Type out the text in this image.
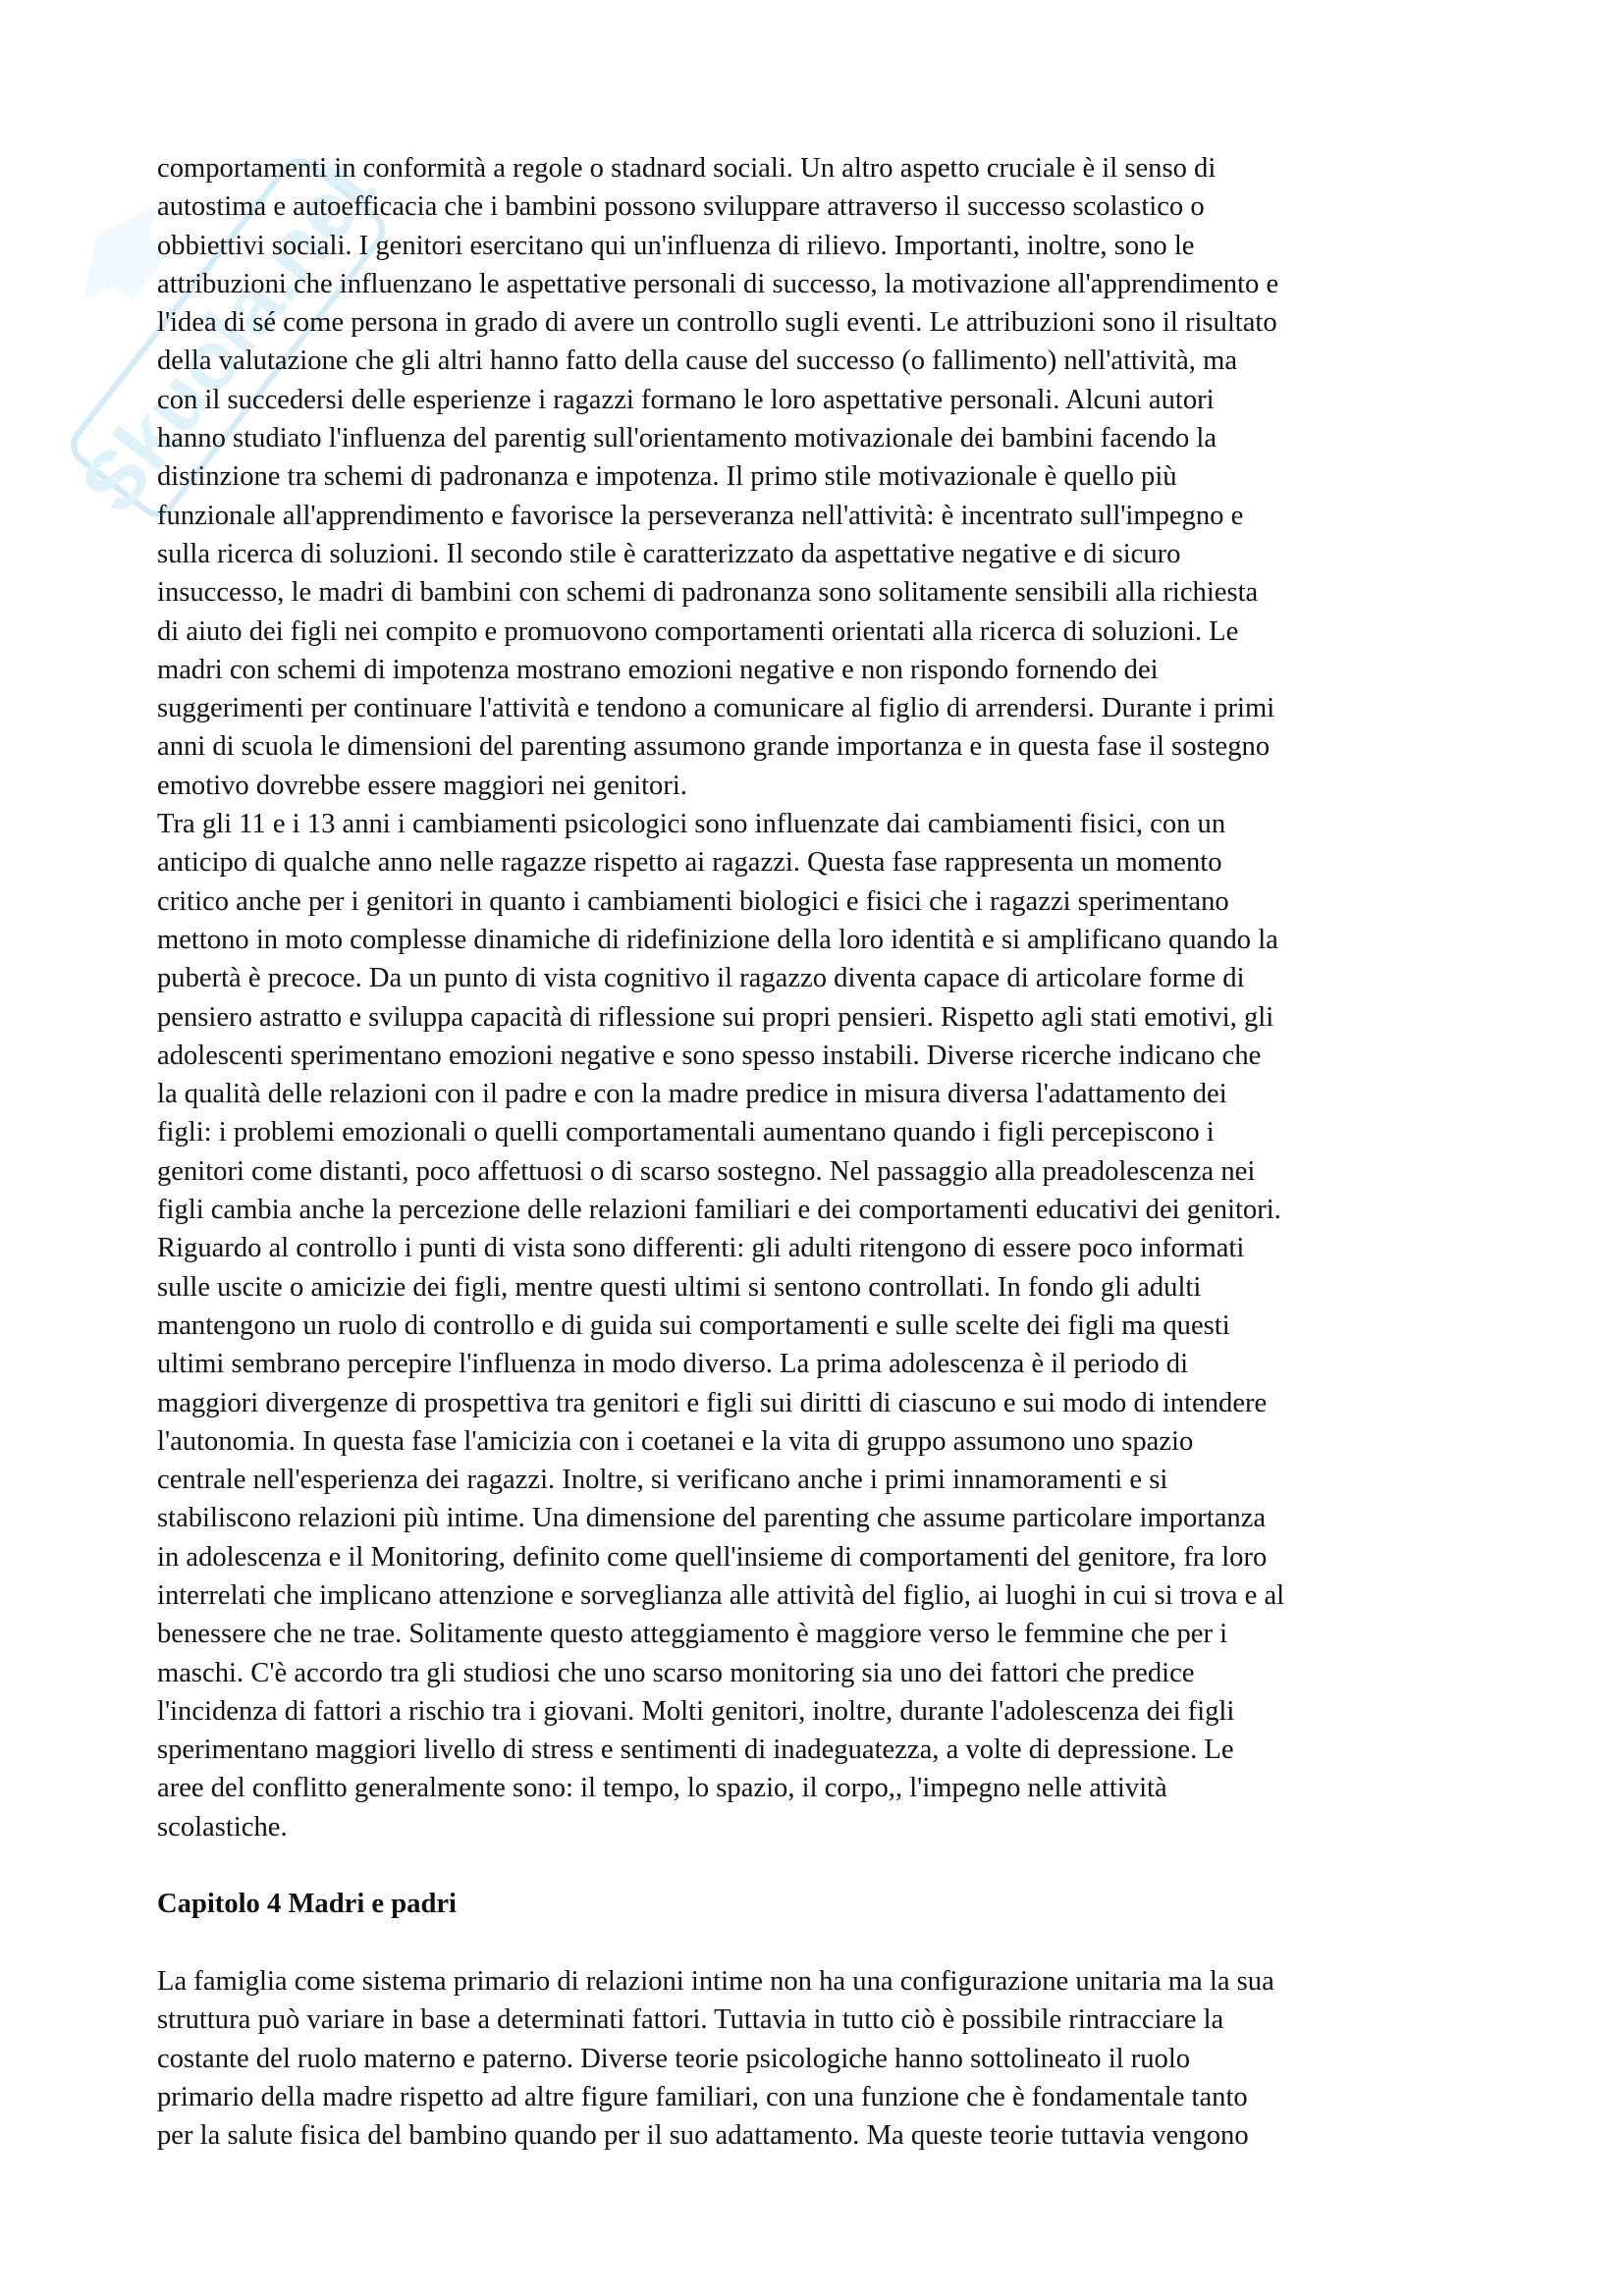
Skuola.net

comportamenti in conformità a regole o stadnard sociali. Un altro aspetto cruciale è il senso di
autostima e autoefficacia che i bambini possono sviluppare attraverso il successo scolastico o
obbiettivi sociali. I genitori esercitano qui un'influenza di rilievo. Importanti, inoltre, sono le
attribuzioni che influenzano le aspettative personali di successo, la motivazione all'apprendimento e
l'idea di sé come persona in grado di avere un controllo sugli eventi. Le attribuzioni sono il risultato
della valutazione che gli altri hanno fatto della cause del successo (o fallimento) nell'attività, ma
con il succedersi delle esperienze i ragazzi formano le loro aspettative personali. Alcuni autori
hanno studiato l'influenza del parentig sull'orientamento motivazionale dei bambini facendo la
distinzione tra schemi di padronanza e impotenza. Il primo stile motivazionale è quello più
funzionale all'apprendimento e favorisce la perseveranza nell'attività: è incentrato sull'impegno e
sulla ricerca di soluzioni. Il secondo stile è caratterizzato da aspettative negative e di sicuro
insuccesso, le madri di bambini con schemi di padronanza sono solitamente sensibili alla richiesta
di aiuto dei figli nei compito e promuovono comportamenti orientati alla ricerca di soluzioni. Le
madri con schemi di impotenza mostrano emozioni negative e non rispondo fornendo dei
suggerimenti per continuare l'attività e tendono a comunicare al figlio di arrendersi. Durante i primi
anni di scuola le dimensioni del parenting assumono grande importanza e in questa fase il sostegno
emotivo dovrebbe essere maggiori nei genitori.

Tra gli 11 e i 13 anni i cambiamenti psicologici sono influenzate dai cambiamenti fisici, con un
anticipo di qualche anno nelle ragazze rispetto ai ragazzi. Questa fase rappresenta un momento
critico anche per i genitori in quanto i cambiamenti biologici e fisici che i ragazzi sperimentano
mettono in moto complesse dinamiche di ridefinizione della loro identità e si amplificano quando la
pubertà è precoce. Da un punto di vista cognitivo il ragazzo diventa capace di articolare forme di
pensiero astratto e sviluppa capacità di riflessione sui propri pensieri. Rispetto agli stati emotivi, gli
adolescenti sperimentano emozioni negative e sono spesso instabili. Diverse ricerche indicano che
la qualità delle relazioni con il padre e con la madre predice in misura diversa l'adattamento dei
figli: i problemi emozionali o quelli comportamentali aumentano quando i figli percepiscono i
genitori come distanti, poco affettuosi o di scarso sostegno. Nel passaggio alla preadolescenza nei
figli cambia anche la percezione delle relazioni familiari e dei comportamenti educativi dei genitori.
Riguardo al controllo i punti di vista sono differenti: gli adulti ritengono di essere poco informati
sulle uscite o amicizie dei figli, mentre questi ultimi si sentono controllati. In fondo gli adulti
mantengono un ruolo di controllo e di guida sui comportamenti e sulle scelte dei figli ma questi
ultimi sembrano percepire l'influenza in modo diverso. La prima adolescenza è il periodo di
maggiori divergenze di prospettiva tra genitori e figli sui diritti di ciascuno e sui modo di intendere
l'autonomia. In questa fase l'amicizia con i coetanei e la vita di gruppo assumono uno spazio
centrale nell'esperienza dei ragazzi. Inoltre, si verificano anche i primi innamoramenti e si
stabiliscono relazioni più intime. Una dimensione del parenting che assume particolare importanza
in adolescenza e il Monitoring, definito come quell'insieme di comportamenti del genitore, fra loro
interrelati che implicano attenzione e sorveglianza alle attività del figlio, ai luoghi in cui si trova e al
benessere che ne trae. Solitamente questo atteggiamento è maggiore verso le femmine che per i
maschi. C'è accordo tra gli studiosi che uno scarso monitoring sia uno dei fattori che predice
l'incidenza di fattori a rischio tra i giovani. Molti genitori, inoltre, durante l'adolescenza dei figli
sperimentano maggiori livello di stress e sentimenti di inadeguatezza, a volte di depressione. Le
aree del conflitto generalmente sono: il tempo, lo spazio, il corpo,, l'impegno nelle attività
scolastiche.

Capitolo 4 Madri e padri

La famiglia come sistema primario di relazioni intime non ha una configurazione unitaria ma la sua
struttura può variare in base a determinati fattori. Tuttavia in tutto ciò è possibile rintracciare la
costante del ruolo materno e paterno. Diverse teorie psicologiche hanno sottolineato il ruolo
primario della madre rispetto ad altre figure familiari, con una funzione che è fondamentale tanto
per la salute fisica del bambino quando per il suo adattamento. Ma queste teorie tuttavia vengono
